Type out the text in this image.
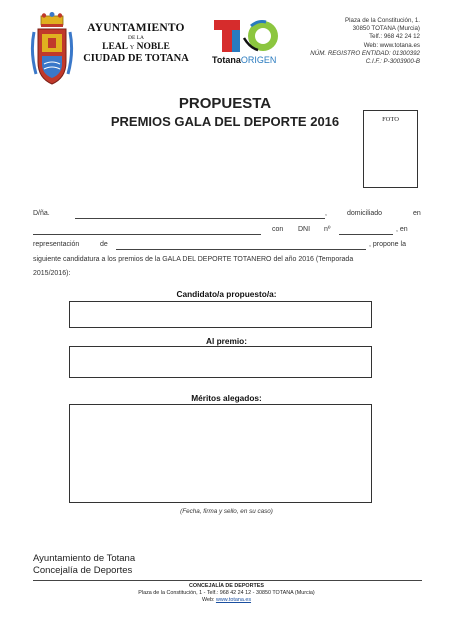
AYUNTAMIENTO
DE LA
LEAL Y NOBLE
CIUDAD DE TOTANA	TotanaORIGEN
Plaza de la Constitución, 1.
30850 TOTANA (Murcia)
Telf.: 968 42 24 12
Web: www.totana.es
NÚM. REGISTRO ENTIDAD: 01300392
C.I.F.: P-3003900-B
PROPUESTA
PREMIOS GALA DEL DEPORTE 2016	FOTO
D/ña.	,	domiciliado	en
con DNI nº	, en
representación	de	, propone la
siguiente candidatura a los premios de la GALA DEL DEPORTE TOTANERO del año 2016 (Temporada
2015/2016):
Candidato/a propuesto/a:
Al premio:
Méritos alegados:
(Fecha, firma y sello, en su caso)
Ayuntamiento de Totana
Concejalía de Deportes
CONCEJALÍA DE DEPORTES
Plaza de la Constitución, 1 - Telf.: 968 42 24 12 - 30850 TOTANA (Murcia)
Web: www.totana.es
